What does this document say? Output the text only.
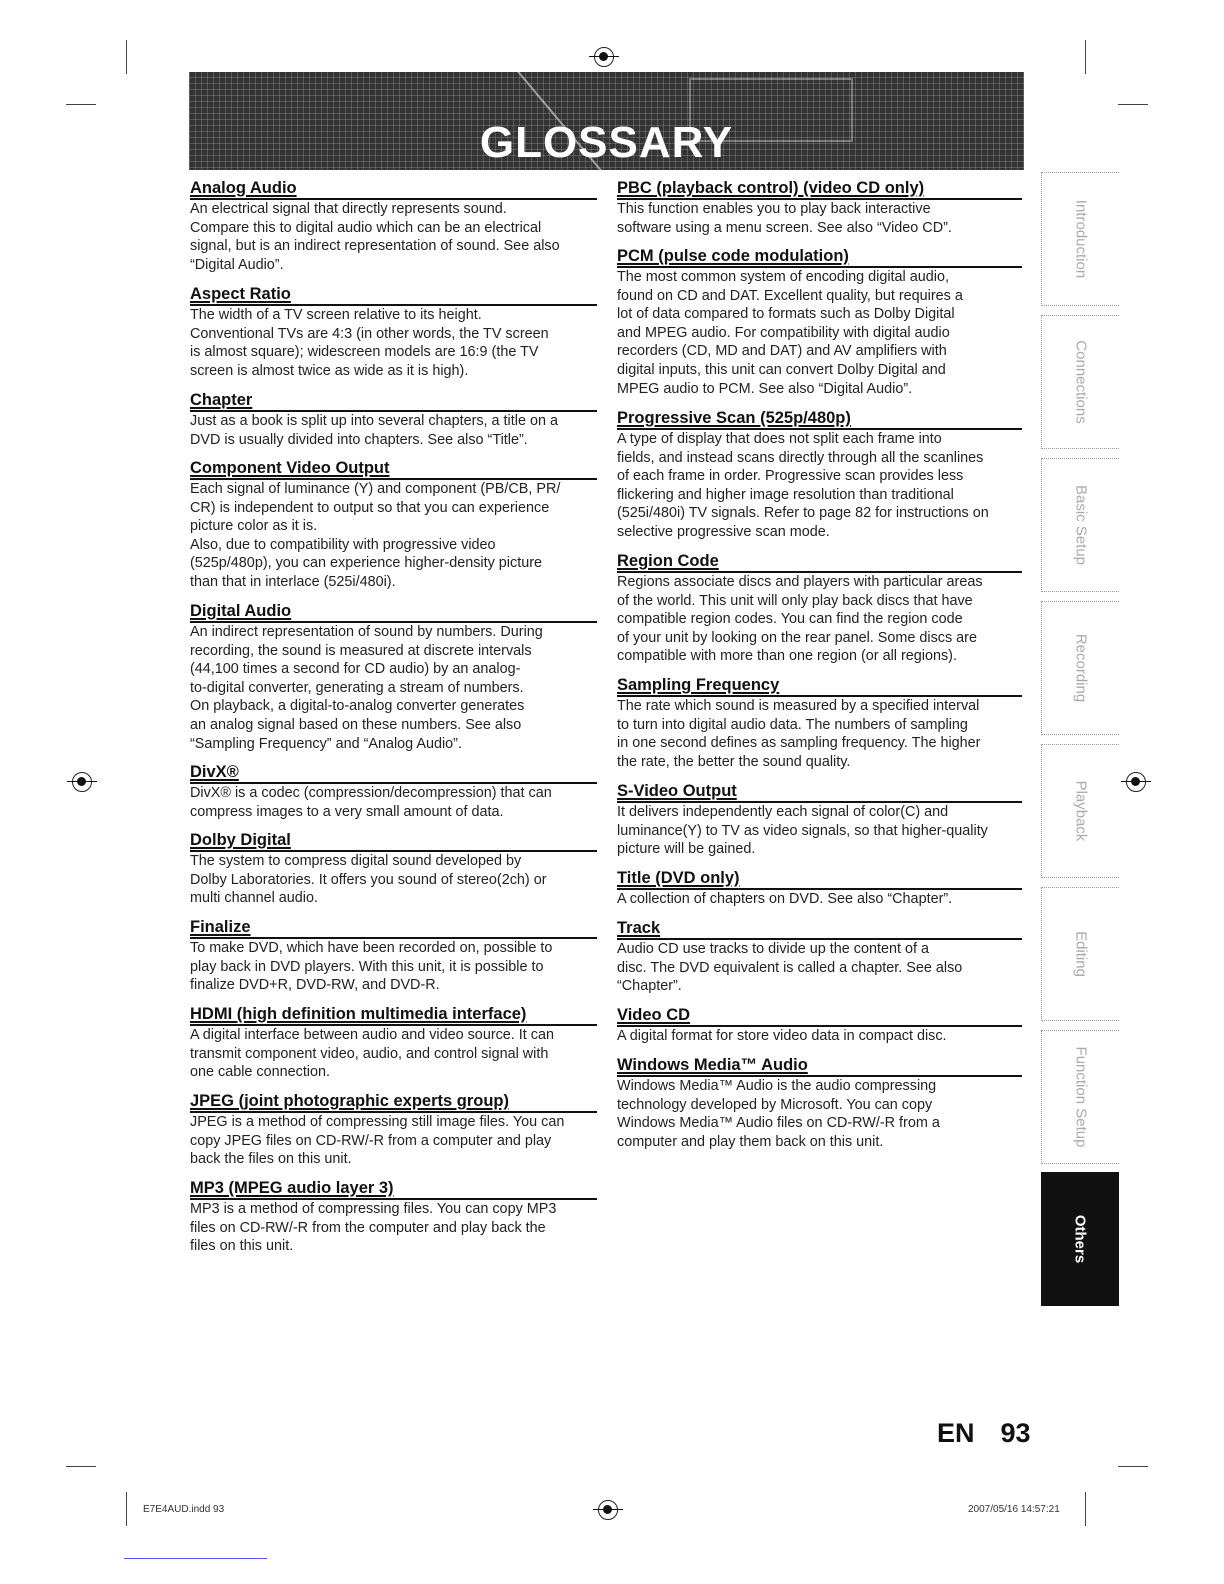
GLOSSARY
Analog Audio

An electrical signal that directly represents sound.
Compare this to digital audio which can be an electrical
signal, but is an indirect representation of sound. See also
“Digital Audio”.

Aspect Ratio

The width of a TV screen relative to its height.
Conventional TVs are 4:3 (in other words, the TV screen
is almost square); widescreen models are 16:9 (the TV
screen is almost twice as wide as it is high).

Chapter

Just as a book is split up into several chapters, a title on a
DVD is usually divided into chapters. See also “Title”.

Component Video Output

Each signal of luminance (Y) and component (PB/CB, PR/
CR) is independent to output so that you can experience
picture color as it is.
Also, due to compatibility with progressive video
(525p/480p), you can experience higher-density picture
than that in interlace (525i/480i).

Digital Audio

An indirect representation of sound by numbers. During
recording, the sound is measured at discrete intervals
(44,100 times a second for CD audio) by an analog-
to-digital converter, generating a stream of numbers.
On playback, a digital-to-analog converter generates
an analog signal based on these numbers. See also
“Sampling Frequency” and “Analog Audio”.

DivX®

DivX® is a codec (compression/decompression) that can
compress images to a very small amount of data.

Dolby Digital

The system to compress digital sound developed by
Dolby Laboratories. It offers you sound of stereo(2ch) or
multi channel audio.

Finalize

To make DVD, which have been recorded on, possible to
play back in DVD players. With this unit, it is possible to
finalize DVD+R, DVD-RW, and DVD-R.

HDMI (high definition multimedia interface)

A digital interface between audio and video source. It can
transmit component video, audio, and control signal with
one cable connection.

JPEG (joint photographic experts group)

JPEG is a method of compressing still image files. You can
copy JPEG files on CD-RW/-R from a computer and play
back the files on this unit.

MP3 (MPEG audio layer 3)

MP3 is a method of compressing files. You can copy MP3
files on CD-RW/-R from the computer and play back the
files on this unit.

PBC (playback control) (video CD only)

This function enables you to play back interactive
software using a menu screen. See also “Video CD”.

PCM (pulse code modulation)

The most common system of encoding digital audio,
found on CD and DAT. Excellent quality, but requires a
lot of data compared to formats such as Dolby Digital
and MPEG audio. For compatibility with digital audio
recorders (CD, MD and DAT) and AV amplifiers with
digital inputs, this unit can convert Dolby Digital and
MPEG audio to PCM. See also “Digital Audio”.

Progressive Scan (525p/480p)

A type of display that does not split each frame into
fields, and instead scans directly through all the scanlines
of each frame in order. Progressive scan provides less
flickering and higher image resolution than traditional
(525i/480i) TV signals. Refer to page 82 for instructions on
selective progressive scan mode.

Region Code

Regions associate discs and players with particular areas
of the world. This unit will only play back discs that have
compatible region codes. You can find the region code
of your unit by looking on the rear panel. Some discs are
compatible with more than one region (or all regions).

Sampling Frequency

The rate which sound is measured by a specified interval
to turn into digital audio data. The numbers of sampling
in one second defines as sampling frequency. The higher
the rate, the better the sound quality.

S-Video Output

It delivers independently each signal of color(C) and
luminance(Y) to TV as video signals, so that higher-quality
picture will be gained.

Title (DVD only)

A collection of chapters on DVD. See also “Chapter”.

Track

Audio CD use tracks to divide up the content of a
disc. The DVD equivalent is called a chapter. See also
“Chapter”.

Video CD

A digital format for store video data in compact disc.

Windows Media™ Audio

Windows Media™ Audio is the audio compressing
technology developed by Microsoft. You can copy
Windows Media™ Audio files on CD-RW/-R from a
computer and play them back on this unit.

Introduction
Connections
Basic Setup
Recording
Playback
Editing
Function Setup
Others
EN 93
E7E4AUD.indd 93	2007/05/16 14:57:21
